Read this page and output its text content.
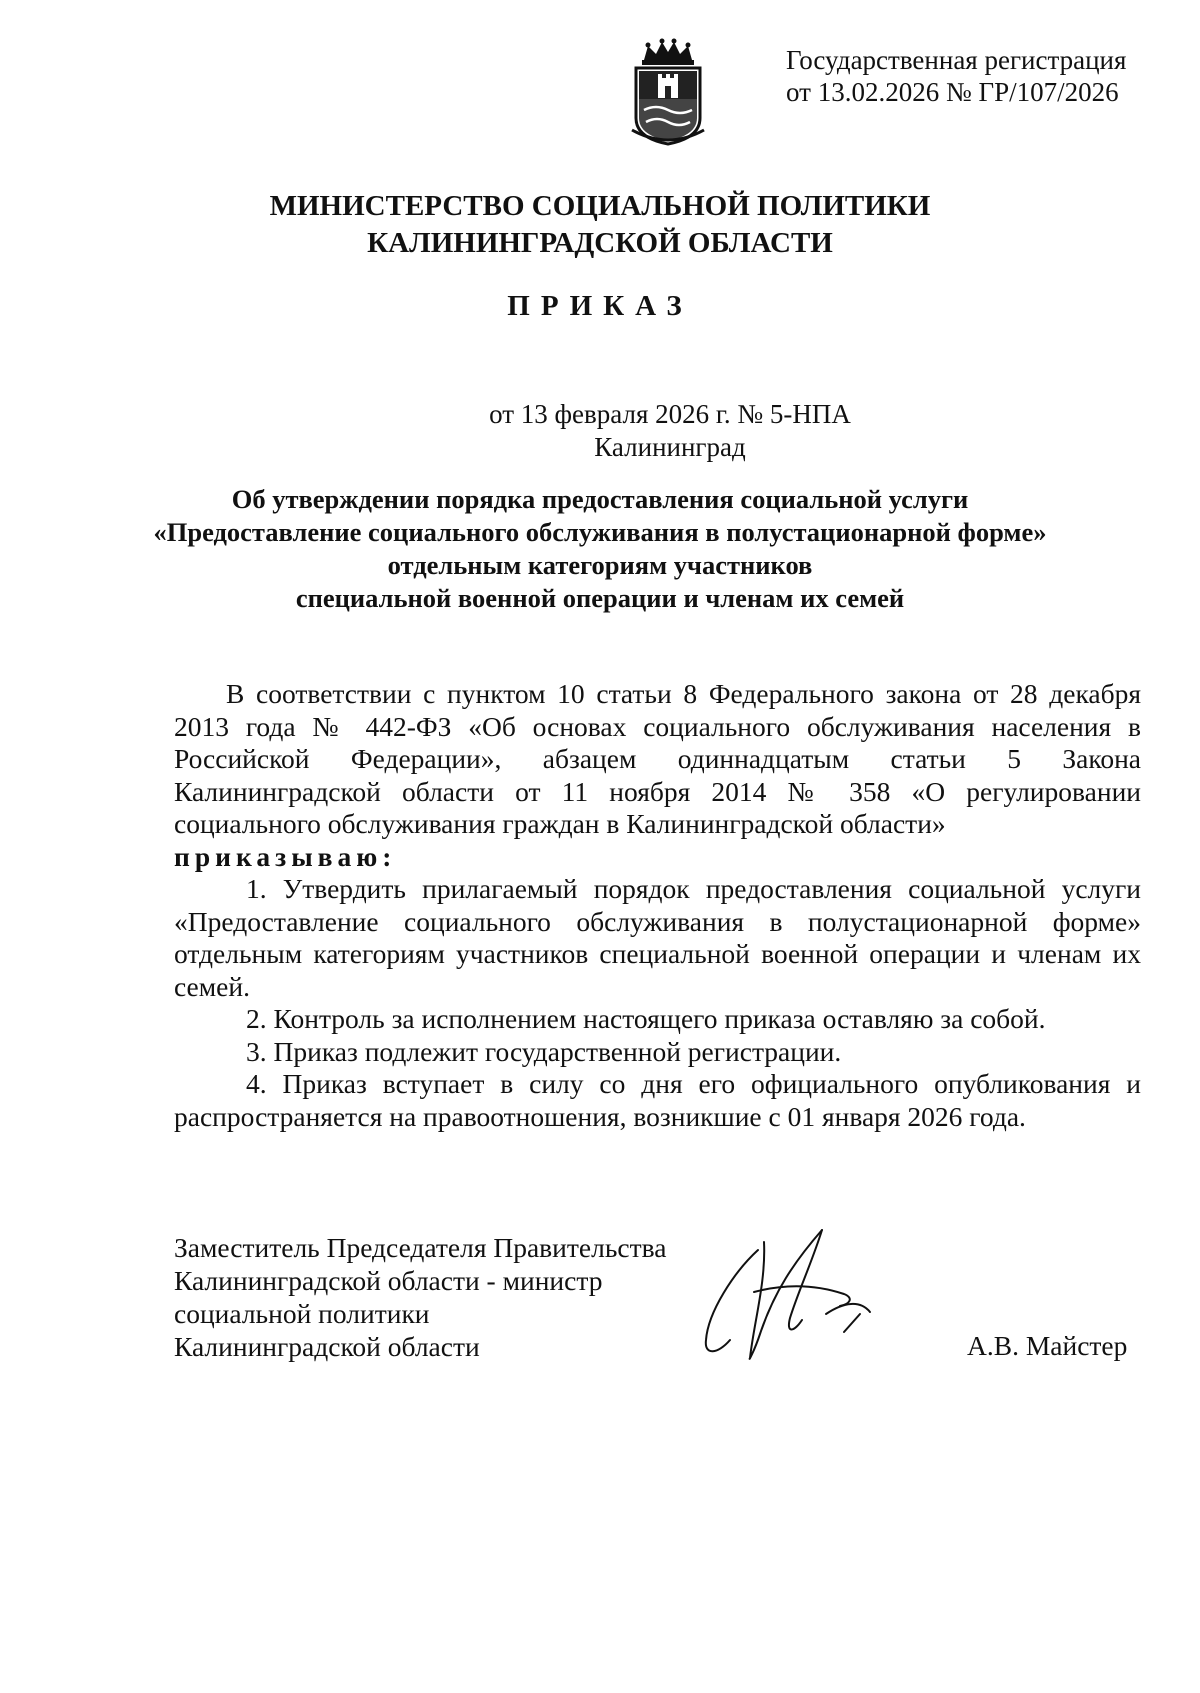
Государственная регистрация
от 13.02.2026 № ГР/107/2026
МИНИСТЕРСТВО СОЦИАЛЬНОЙ ПОЛИТИКИ
КАЛИНИНГРАДСКОЙ ОБЛАСТИ
ПРИКАЗ
от 13 февраля 2026 г. № 5-НПА
Калининград
Об утверждении порядка предоставления социальной услуги
«Предоставление социального обслуживания в полустационарной форме»
отдельным категориям участников
специальной военной операции и членам их семей

В соответствии с пунктом 10 статьи 8 Федерального закона от 28 декабря 2013 года № 442-ФЗ «Об основах социального обслуживания населения в Российской Федерации», абзацем одиннадцатым статьи 5 Закона Калининградской области от 11 ноября 2014 № 358 «О регулировании социального обслуживания граждан в Калининградской области»
приказываю:

1. Утвердить прилагаемый порядок предоставления социальной услуги «Предоставление социального обслуживания в полустационарной форме» отдельным категориям участников специальной военной операции и членам их семей.

2. Контроль за исполнением настоящего приказа оставляю за собой.

3. Приказ подлежит государственной регистрации.

4. Приказ вступает в силу со дня его официального опубликования и распространяется на правоотношения, возникшие с 01 января 2026 года.

Заместитель Председателя Правительства
Калининградской области - министр
социальной политики
Калининградской области	А.В. Майстер
